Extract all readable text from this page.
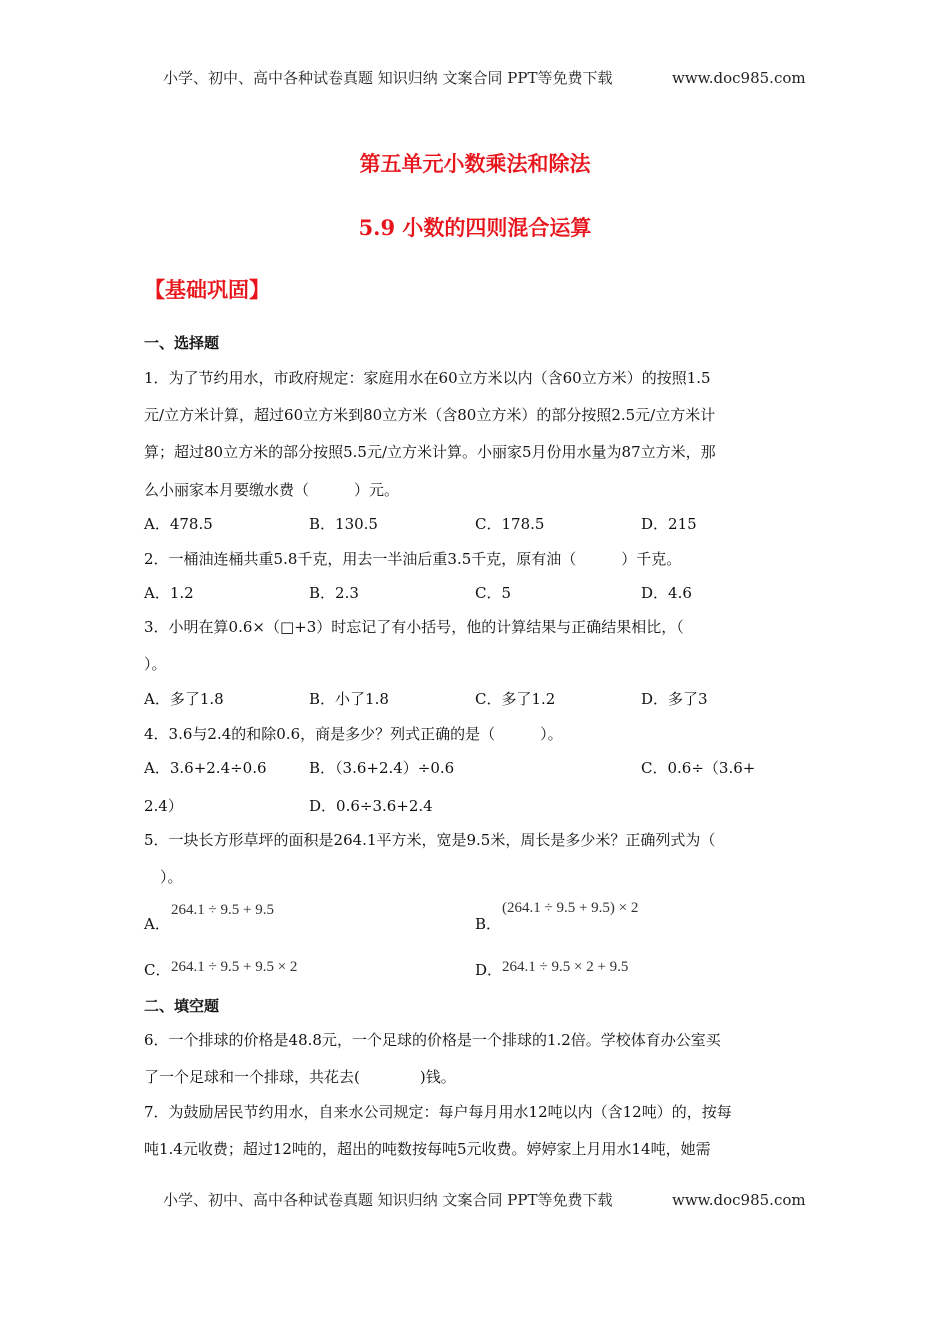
小学、初中、高中各种试卷真题 知识归纳 文案合同 PPT等免费下载	www.doc985.com
第五单元小数乘法和除法
5.9 小数的四则混合运算
【基础巩固】
一、选择题
1．为了节约用水，市政府规定：家庭用水在60立方米以内（含60立方米）的按照1.5
元/立方米计算，超过60立方米到80立方米（含80立方米）的部分按照2.5元/立方米计
算；超过80立方米的部分按照5.5元/立方米计算。小丽家5月份用水量为87立方米，那
么小丽家本月要缴水费（　　　）元。
A．478.5	B．130.5	C．178.5	D．215
2．一桶油连桶共重5.8千克，用去一半油后重3.5千克，原有油（　　　）千克。
A．1.2	B．2.3	C．5	D．4.6
3．小明在算0.6×（□+3）时忘记了有小括号，他的计算结果与正确结果相比，（
）。
A．多了1.8	B．小了1.8	C．多了1.2	D．多了3
4．3.6与2.4的和除0.6，商是多少？列式正确的是（　　　）。
A．3.6+2.4÷0.6	B．（3.6+2.4）÷0.6	C．0.6÷（3.6+
2.4）	D．0.6÷3.6+2.4
5．一块长方形草坪的面积是264.1平方米，宽是9.5米，周长是多少米？正确列式为（
）。
A．
264.1 ÷ 9.5 + 9.5
B．
(264.1 ÷ 9.5 + 9.5) × 2
C． 264.1 ÷ 9.5 + 9.5 × 2	D． 264.1 ÷ 9.5 × 2 + 9.5
二、填空题
6．一个排球的价格是48.8元，一个足球的价格是一个排球的1.2倍。学校体育办公室买
了一个足球和一个排球，共花去(　　　　)钱。
7．为鼓励居民节约用水，自来水公司规定：每户每月用水12吨以内（含12吨）的，按每
吨1.4元收费；超过12吨的，超出的吨数按每吨5元收费。婷婷家上月用水14吨，她需
小学、初中、高中各种试卷真题 知识归纳 文案合同 PPT等免费下载	www.doc985.com
